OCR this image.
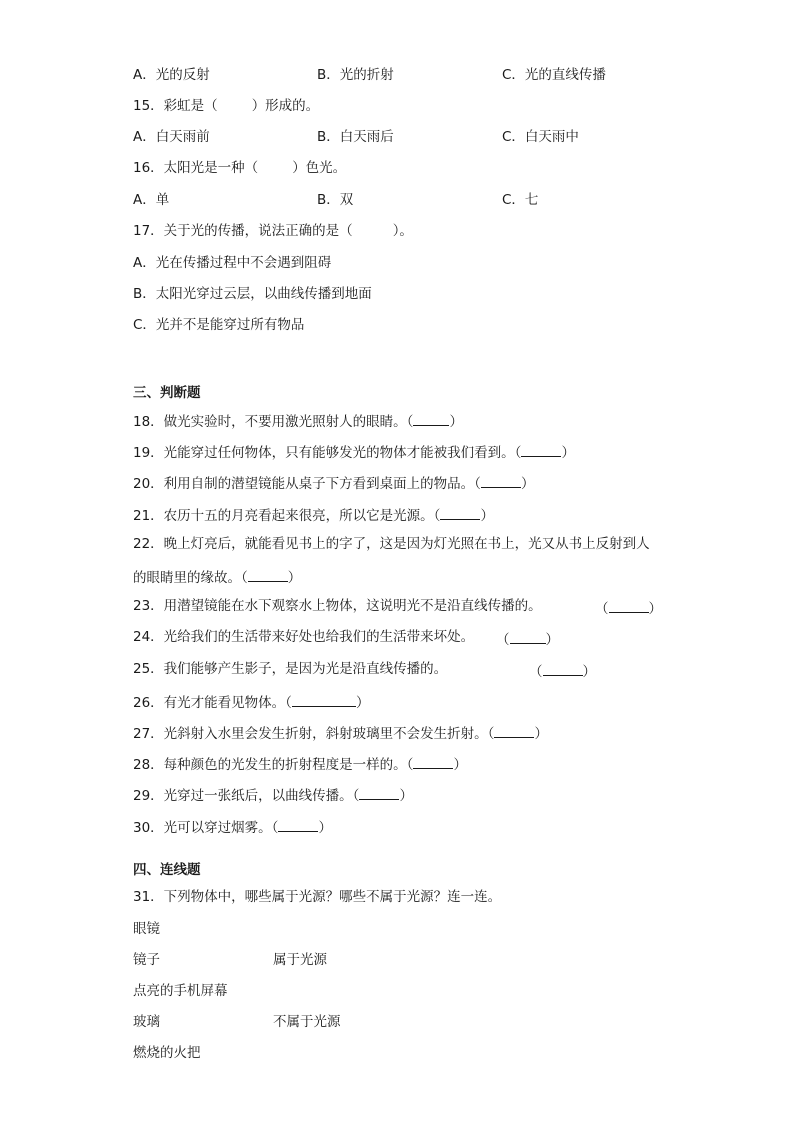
A．光的反射	B．光的折射	C．光的直线传播
15．彩虹是（	）形成的。
A．白天雨前	B．白天雨后	C．白天雨中
16．太阳光是一种（	）色光。
A．单	B．双	C．七
17．关于光的传播，说法正确的是（	）。
A．光在传播过程中不会遇到阻碍
B．太阳光穿过云层，以曲线传播到地面
C．光并不是能穿过所有物品
三、判断题
18．做光实验时，不要用激光照射人的眼睛。（	）
19．光能穿过任何物体，只有能够发光的物体才能被我们看到。（	）
20．利用自制的潜望镜能从桌子下方看到桌面上的物品。（	）
21．农历十五的月亮看起来很亮，所以它是光源。（	）
22．晚上灯亮后，就能看见书上的字了，这是因为灯光照在书上，光又从书上反射到人
的眼睛里的缘故。（	）
23．用潜望镜能在水下观察水上物体，这说明光不是沿直线传播的。	（	）
24．光给我们的生活带来好处也给我们的生活带来坏处。 （	）
25．我们能够产生影子，是因为光是沿直线传播的。	（	）
26．有光才能看见物体。（	）
27．光斜射入水里会发生折射，斜射玻璃里不会发生折射。（	）
28．每种颜色的光发生的折射程度是一样的。（	）
29．光穿过一张纸后，以曲线传播。（	）
30．光可以穿过烟雾。（	）
四、连线题
31．下列物体中，哪些属于光源？哪些不属于光源？连一连。
眼镜
镜子	属于光源
点亮的手机屏幕
玻璃	不属于光源
燃烧的火把
